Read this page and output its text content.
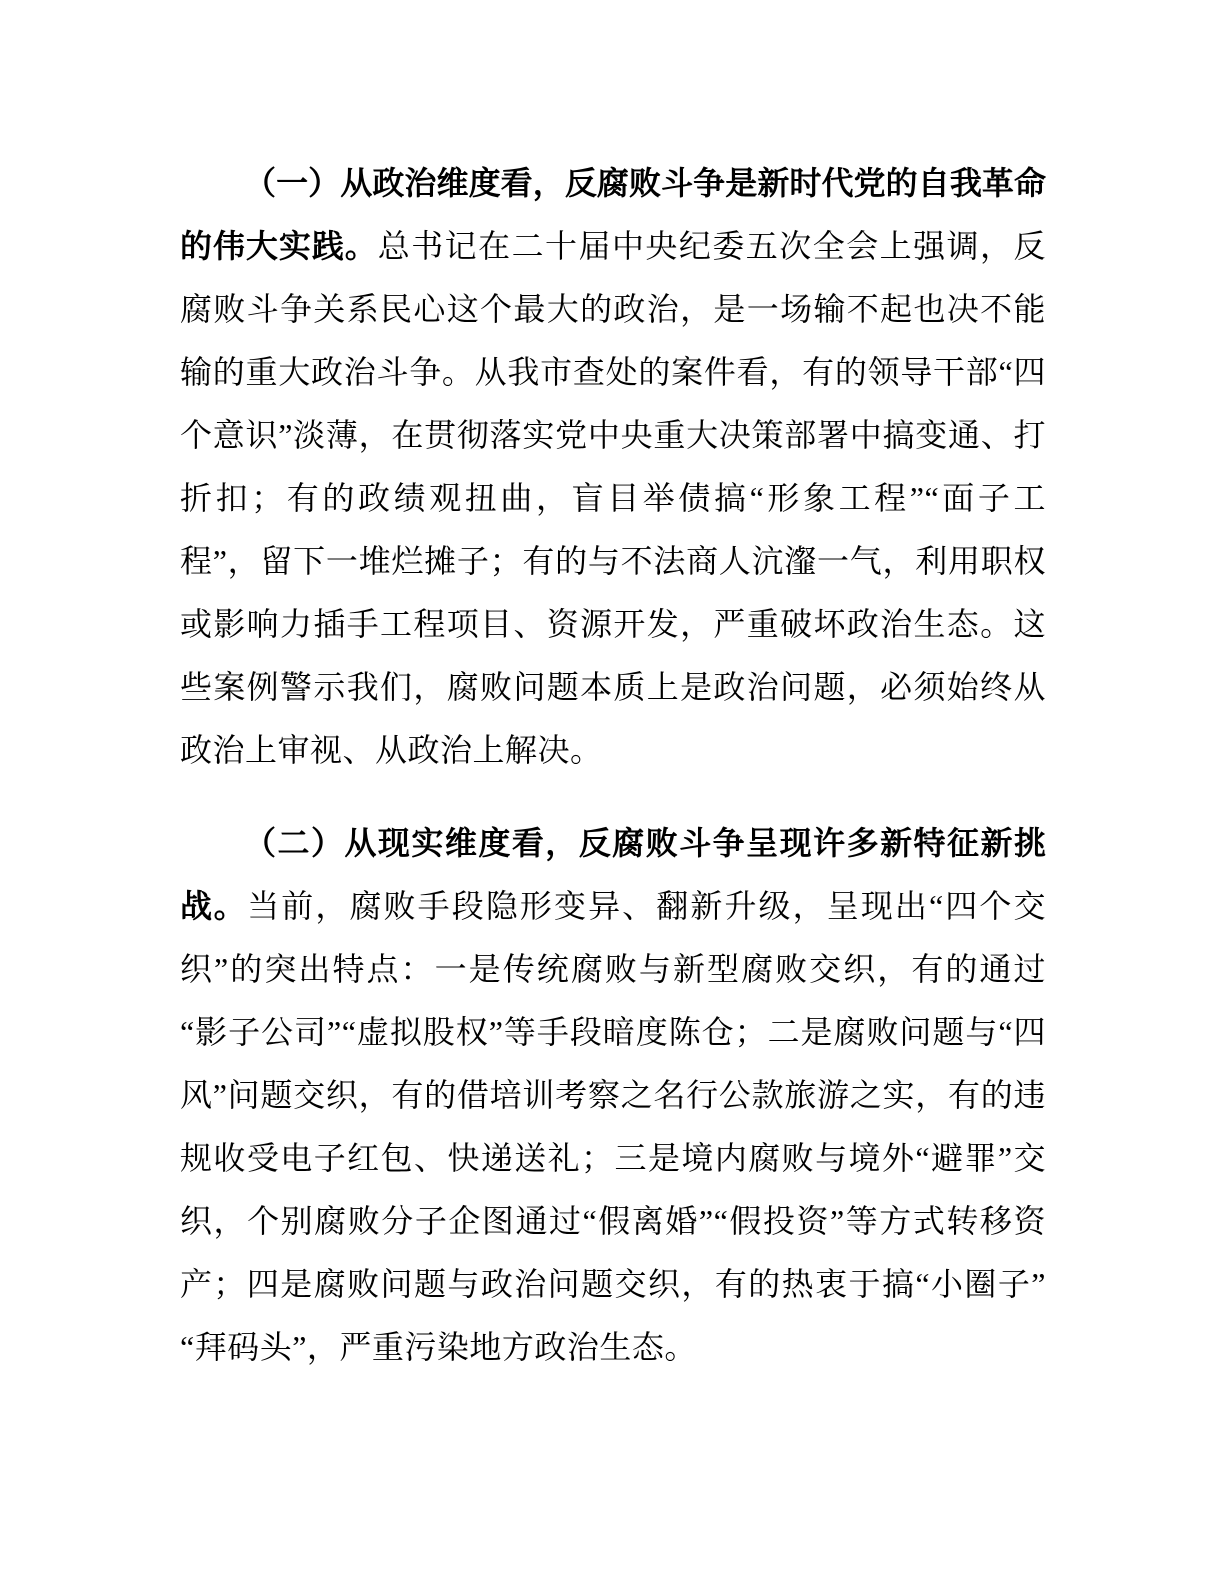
（一）从政治维度看，反腐败斗争是新时代党的自我革命的伟大实践。总书记在二十届中央纪委五次全会上强调，反腐败斗争关系民心这个最大的政治，是一场输不起也决不能输的重大政治斗争。从我市查处的案件看，有的领导干部“四个意识”淡薄，在贯彻落实党中央重大决策部署中搞变通、打折扣；有的政绩观扭曲，盲目举债搞“形象工程”“面子工程”，留下一堆烂摊子；有的与不法商人沆瀣一气，利用职权或影响力插手工程项目、资源开发，严重破坏政治生态。这些案例警示我们，腐败问题本质上是政治问题，必须始终从政治上审视、从政治上解决。

（二）从现实维度看，反腐败斗争呈现许多新特征新挑战。当前，腐败手段隐形变异、翻新升级，呈现出“四个交织”的突出特点：一是传统腐败与新型腐败交织，有的通过“影子公司”“虚拟股权”等手段暗度陈仓；二是腐败问题与“四风”问题交织，有的借培训考察之名行公款旅游之实，有的违规收受电子红包、快递送礼；三是境内腐败与境外“避罪”交织，个别腐败分子企图通过“假离婚”“假投资”等方式转移资产；四是腐败问题与政治问题交织，有的热衷于搞“小圈子”“拜码头”，严重污染地方政治生态。
